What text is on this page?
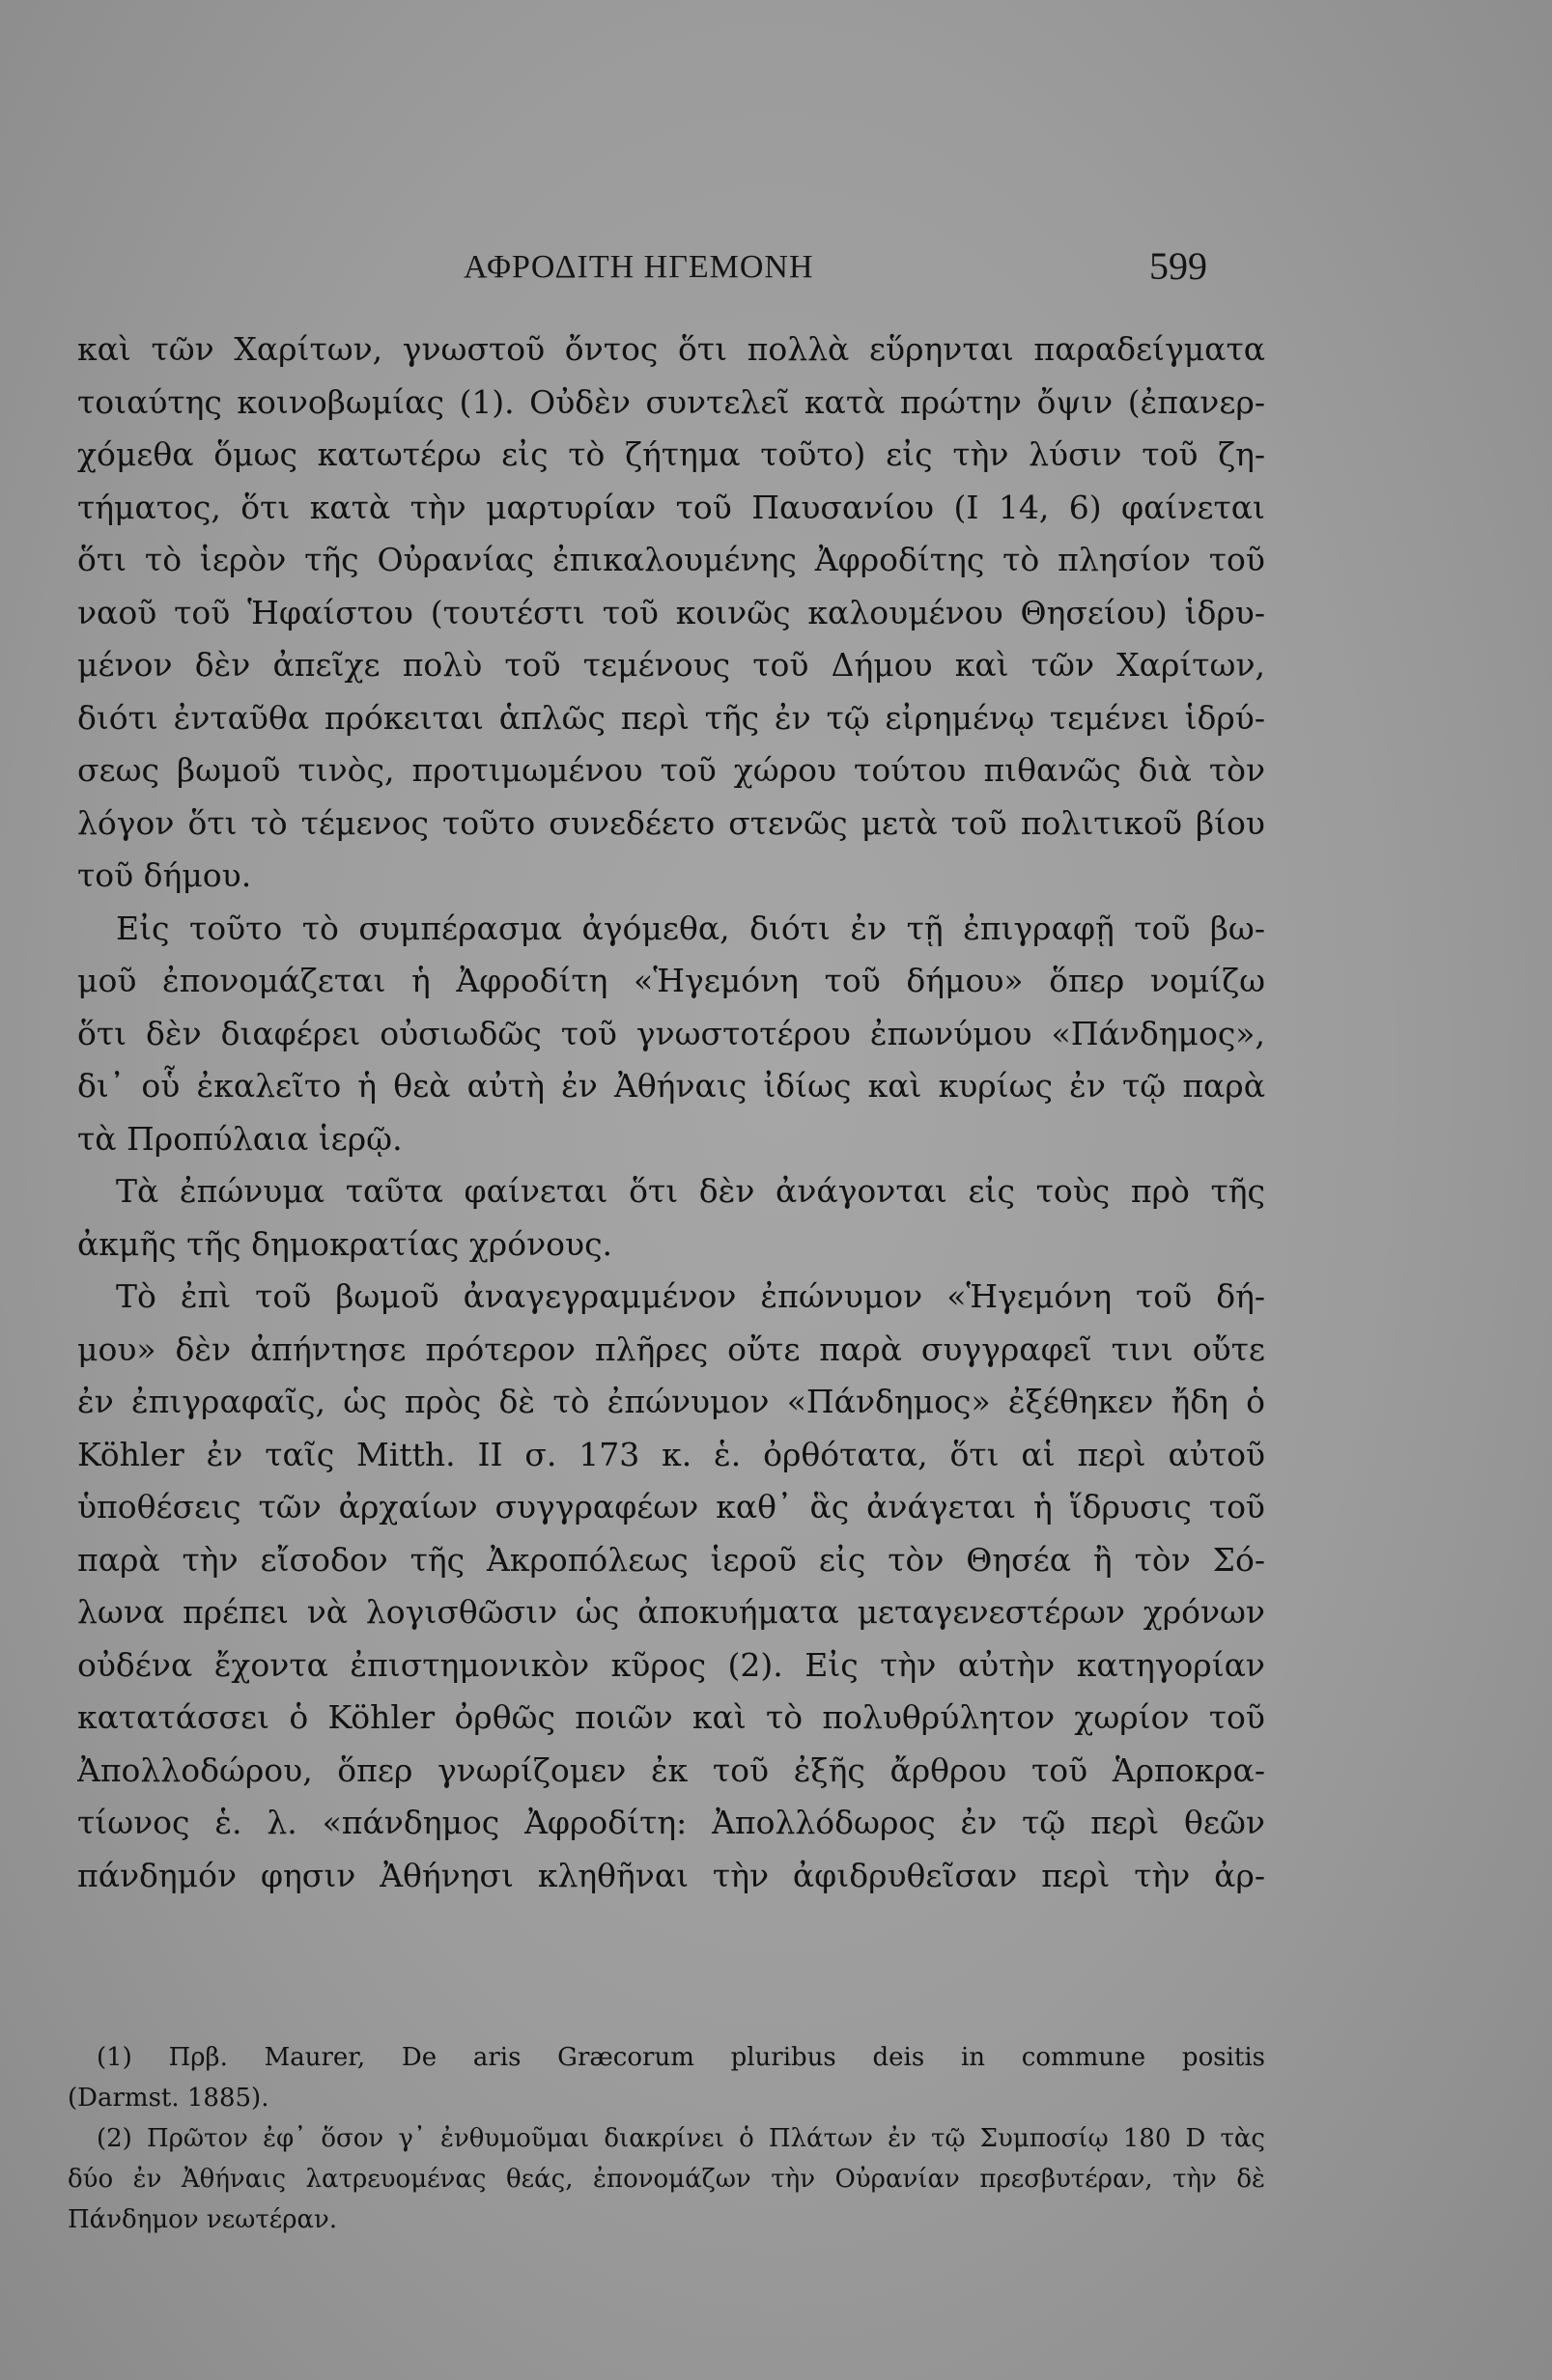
ΑΦΡΟΔΙΤΗ ΗΓΕΜΟΝΗ	599
καὶ τῶν Χαρίτων, γνωστοῦ ὄντος ὅτι πολλὰ εὕρηνται παραδείγματα
τοιαύτης κοινοβωμίας (1). Οὐδὲν συντελεῖ κατὰ πρώτην ὄψιν (ἐπανερ-
χόμεθα ὅμως κατωτέρω εἰς τὸ ζήτημα τοῦτο) εἰς τὴν λύσιν τοῦ ζη-
τήματος, ὅτι κατὰ τὴν μαρτυρίαν τοῦ Παυσανίου (Ι 14, 6) φαίνεται
ὅτι τὸ ἱερὸν τῆς Οὐρανίας ἐπικαλουμένης Ἀφροδίτης τὸ πλησίον τοῦ
ναοῦ τοῦ Ἡφαίστου (τουτέστι τοῦ κοινῶς καλουμένου Θησείου) ἱδρυ-
μένον δὲν ἀπεῖχε πολὺ τοῦ τεμένους τοῦ Δήμου καὶ τῶν Χαρίτων,
διότι ἐνταῦθα πρόκειται ἁπλῶς περὶ τῆς ἐν τῷ εἰρημένῳ τεμένει ἱδρύ-
σεως βωμοῦ τινὸς, προτιμωμένου τοῦ χώρου τούτου πιθανῶς διὰ τὸν
λόγον ὅτι τὸ τέμενος τοῦτο συνεδέετο στενῶς μετὰ τοῦ πολιτικοῦ βίου
τοῦ δήμου.
Εἰς τοῦτο τὸ συμπέρασμα ἀγόμεθα, διότι ἐν τῇ ἐπιγραφῇ τοῦ βω-
μοῦ ἐπονομάζεται ἡ Ἀφροδίτη «Ἡγεμόνη τοῦ δήμου» ὅπερ νομίζω
ὅτι δὲν διαφέρει οὐσιωδῶς τοῦ γνωστοτέρου ἐπωνύμου «Πάνδημος»,
δι᾽ οὗ ἐκαλεῖτο ἡ θεὰ αὐτὴ ἐν Ἀθήναις ἰδίως καὶ κυρίως ἐν τῷ παρὰ
τὰ Προπύλαια ἱερῷ.
Τὰ ἐπώνυμα ταῦτα φαίνεται ὅτι δὲν ἀνάγονται εἰς τοὺς πρὸ τῆς
ἀκμῆς τῆς δημοκρατίας χρόνους.
Τὸ ἐπὶ τοῦ βωμοῦ ἀναγεγραμμένον ἐπώνυμον «Ἡγεμόνη τοῦ δή-
μου» δὲν ἀπήντησε πρότερον πλῆρες οὔτε παρὰ συγγραφεῖ τινι οὔτε
ἐν ἐπιγραφαῖς, ὡς πρὸς δὲ τὸ ἐπώνυμον «Πάνδημος» ἐξέθηκεν ἤδη ὁ
Köhler ἐν ταῖς Mitth. II σ. 173 κ. ἑ. ὀρθότατα, ὅτι αἱ περὶ αὐτοῦ
ὑποθέσεις τῶν ἀρχαίων συγγραφέων καθ᾽ ἃς ἀνάγεται ἡ ἵδρυσις τοῦ
παρὰ τὴν εἴσοδον τῆς Ἀκροπόλεως ἱεροῦ εἰς τὸν Θησέα ἢ τὸν Σό-
λωνα πρέπει νὰ λογισθῶσιν ὡς ἀποκυήματα μεταγενεστέρων χρόνων
οὐδένα ἔχοντα ἐπιστημονικὸν κῦρος (2). Εἰς τὴν αὐτὴν κατηγορίαν
κατατάσσει ὁ Köhler ὀρθῶς ποιῶν καὶ τὸ πολυθρύλητον χωρίον τοῦ
Ἀπολλοδώρου, ὅπερ γνωρίζομεν ἐκ τοῦ ἐξῆς ἄρθρου τοῦ Ἁρποκρα-
τίωνος ἑ. λ. «πάνδημος Ἀφροδίτη: Ἀπολλόδωρος ἐν τῷ περὶ θεῶν
πάνδημόν φησιν Ἀθήνησι κληθῆναι τὴν ἀφιδρυθεῖσαν περὶ τὴν ἀρ-
(1) Πρβ. Maurer, De aris Græcorum pluribus deis in commune positis
(Darmst. 1885).
(2) Πρῶτον ἐφ᾽ ὅσον γ᾽ ἐνθυμοῦμαι διακρίνει ὁ Πλάτων ἐν τῷ Συμποσίῳ 180 D τὰς
δύο ἐν Ἀθήναις λατρευομένας θεάς, ἐπονομάζων τὴν Οὐρανίαν πρεσβυτέραν, τὴν δὲ
Πάνδημον νεωτέραν.
